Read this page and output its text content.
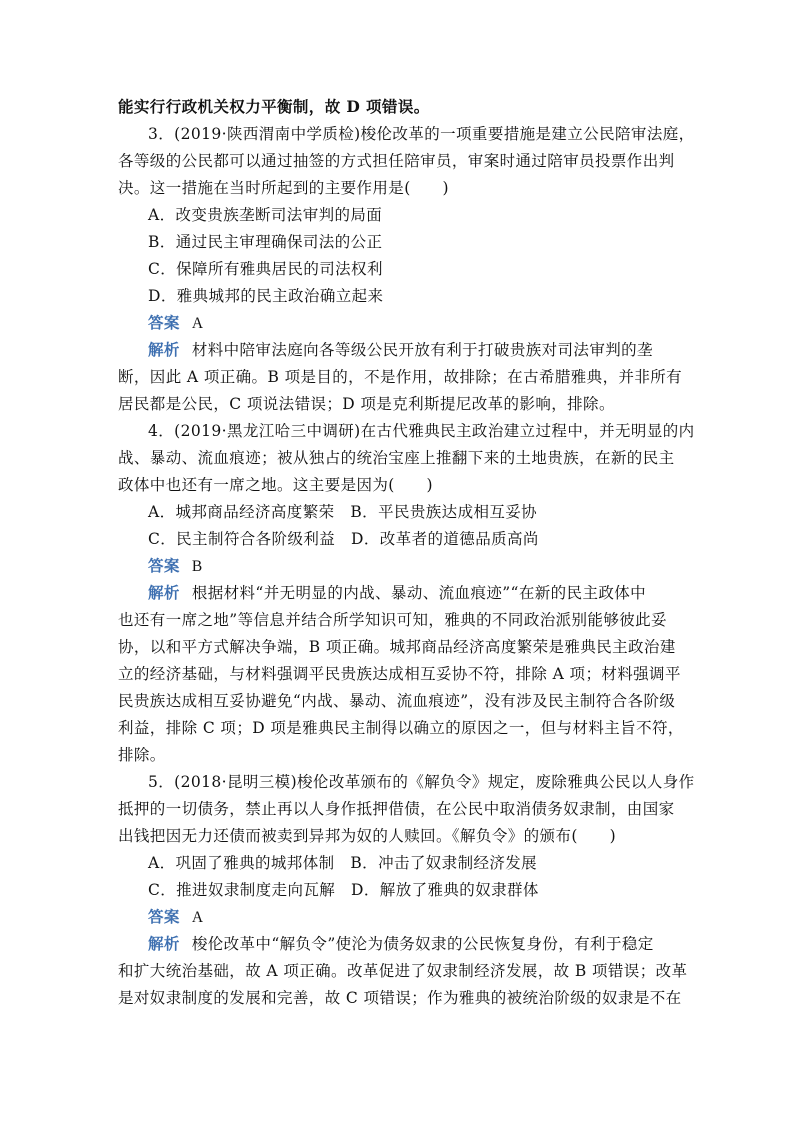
能实行行政机关权力平衡制，故 D 项错误。
3．(2019·陕西渭南中学质检)梭伦改革的一项重要措施是建立公民陪审法庭，
各等级的公民都可以通过抽签的方式担任陪审员，审案时通过陪审员投票作出判
决。这一措施在当时所起到的主要作用是(　　)
A．改变贵族垄断司法审判的局面
B．通过民主审理确保司法的公正
C．保障所有雅典居民的司法权利
D．雅典城邦的民主政治确立起来
答案 A
解析 材料中陪审法庭向各等级公民开放有利于打破贵族对司法审判的垄
断，因此 A 项正确。B 项是目的，不是作用，故排除；在古希腊雅典，并非所有
居民都是公民，C 项说法错误；D 项是克利斯提尼改革的影响，排除。
4．(2019·黑龙江哈三中调研)在古代雅典民主政治建立过程中，并无明显的内
战、暴动、流血痕迹；被从独占的统治宝座上推翻下来的土地贵族，在新的民主
政体中也还有一席之地。这主要是因为(　　)
A．城邦商品经济高度繁荣　B．平民贵族达成相互妥协
C．民主制符合各阶级利益　D．改革者的道德品质高尚
答案 B
解析 根据材料“并无明显的内战、暴动、流血痕迹”“在新的民主政体中
也还有一席之地”等信息并结合所学知识可知，雅典的不同政治派别能够彼此妥
协，以和平方式解决争端，B 项正确。城邦商品经济高度繁荣是雅典民主政治建
立的经济基础，与材料强调平民贵族达成相互妥协不符，排除 A 项；材料强调平
民贵族达成相互妥协避免“内战、暴动、流血痕迹”，没有涉及民主制符合各阶级
利益，排除 C 项；D 项是雅典民主制得以确立的原因之一，但与材料主旨不符，
排除。
5．(2018·昆明三模)梭伦改革颁布的《解负令》规定，废除雅典公民以人身作
抵押的一切债务，禁止再以人身作抵押借债，在公民中取消债务奴隶制，由国家
出钱把因无力还债而被卖到异邦为奴的人赎回。《解负令》的颁布(　　)
A．巩固了雅典的城邦体制　B．冲击了奴隶制经济发展
C．推进奴隶制度走向瓦解　D．解放了雅典的奴隶群体
答案 A
解析 梭伦改革中“解负令”使沦为债务奴隶的公民恢复身份，有利于稳定
和扩大统治基础，故 A 项正确。改革促进了奴隶制经济发展，故 B 项错误；改革
是对奴隶制度的发展和完善，故 C 项错误；作为雅典的被统治阶级的奴隶是不在
